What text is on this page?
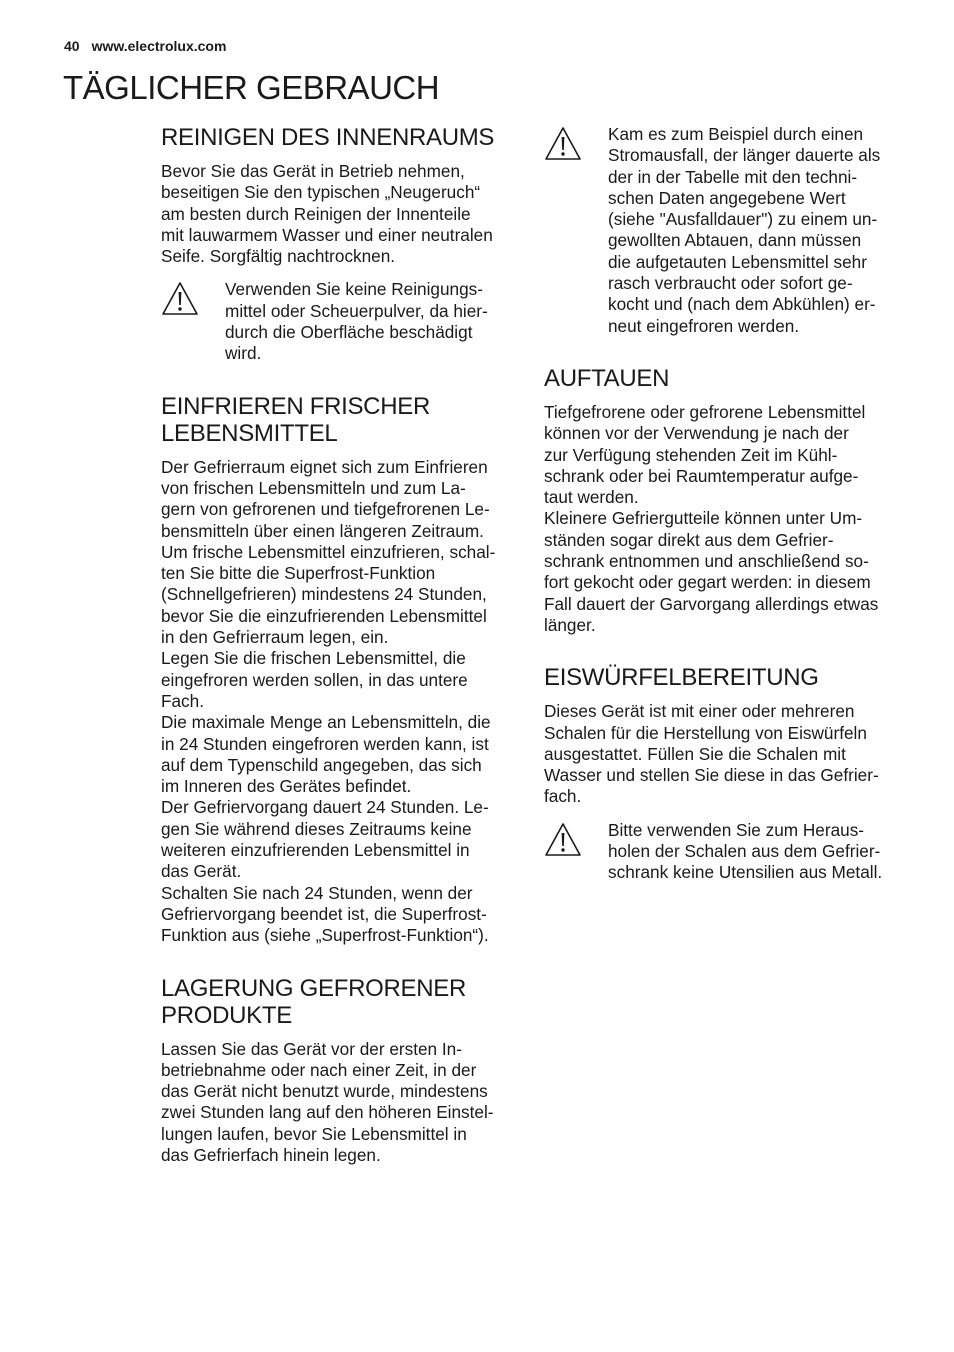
40 www.electrolux.com
TÄGLICHER GEBRAUCH
REINIGEN DES INNENRAUMS

Bevor Sie das Gerät in Betrieb nehmen,
beseitigen Sie den typischen „Neugeruch“
am besten durch Reinigen der Innenteile
mit lauwarmem Wasser und einer neutralen
Seife. Sorgfältig nachtrocknen.

Verwenden Sie keine Reinigungs-
mittel oder Scheuerpulver, da hier-
durch die Oberfläche beschädigt
wird.

EINFRIEREN FRISCHER
LEBENSMITTEL

Der Gefrierraum eignet sich zum Einfrieren
von frischen Lebensmitteln und zum La-
gern von gefrorenen und tiefgefrorenen Le-
bensmitteln über einen längeren Zeitraum.
Um frische Lebensmittel einzufrieren, schal-
ten Sie bitte die Superfrost-Funktion
(Schnellgefrieren) mindestens 24 Stunden,
bevor Sie die einzufrierenden Lebensmittel
in den Gefrierraum legen, ein.
Legen Sie die frischen Lebensmittel, die
eingefroren werden sollen, in das untere
Fach.
Die maximale Menge an Lebensmitteln, die
in 24 Stunden eingefroren werden kann, ist
auf dem Typenschild angegeben, das sich
im Inneren des Gerätes befindet.
Der Gefriervorgang dauert 24 Stunden. Le-
gen Sie während dieses Zeitraums keine
weiteren einzufrierenden Lebensmittel in
das Gerät.
Schalten Sie nach 24 Stunden, wenn der
Gefriervorgang beendet ist, die Superfrost-
Funktion aus (siehe „Superfrost-Funktion“).

LAGERUNG GEFRORENER
PRODUKTE

Lassen Sie das Gerät vor der ersten In-
betriebnahme oder nach einer Zeit, in der
das Gerät nicht benutzt wurde, mindestens
zwei Stunden lang auf den höheren Einstel-
lungen laufen, bevor Sie Lebensmittel in
das Gefrierfach hinein legen.

Kam es zum Beispiel durch einen
Stromausfall, der länger dauerte als
der in der Tabelle mit den techni-
schen Daten angegebene Wert
(siehe "Ausfalldauer") zu einem un-
gewollten Abtauen, dann müssen
die aufgetauten Lebensmittel sehr
rasch verbraucht oder sofort ge-
kocht und (nach dem Abkühlen) er-
neut eingefroren werden.

AUFTAUEN

Tiefgefrorene oder gefrorene Lebensmittel
können vor der Verwendung je nach der
zur Verfügung stehenden Zeit im Kühl-
schrank oder bei Raumtemperatur aufge-
taut werden.
Kleinere Gefriergutteile können unter Um-
ständen sogar direkt aus dem Gefrier-
schrank entnommen und anschließend so-
fort gekocht oder gegart werden: in diesem
Fall dauert der Garvorgang allerdings etwas
länger.

EISWÜRFELBEREITUNG

Dieses Gerät ist mit einer oder mehreren
Schalen für die Herstellung von Eiswürfeln
ausgestattet. Füllen Sie die Schalen mit
Wasser und stellen Sie diese in das Gefrier-
fach.

Bitte verwenden Sie zum Heraus-
holen der Schalen aus dem Gefrier-
schrank keine Utensilien aus Metall.
